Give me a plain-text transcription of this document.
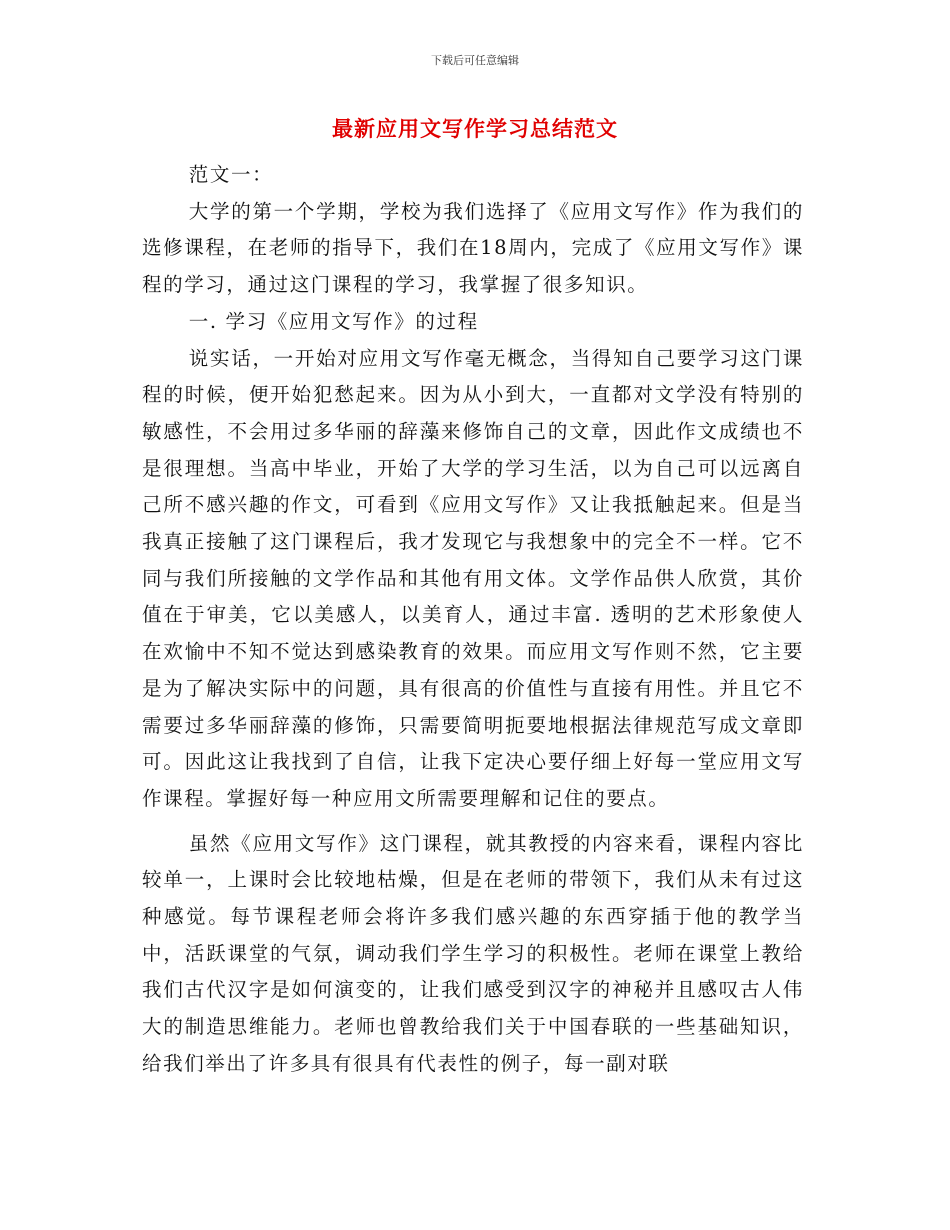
下载后可任意编辑
最新应用文写作学习总结范文

范文一：

大学的第一个学期，学校为我们选择了《应用文写作》作为我们的选修课程，在老师的指导下，我们在18周内，完成了《应用文写作》课程的学习，通过这门课程的学习，我掌握了很多知识。

一. 学习《应用文写作》的过程

说实话，一开始对应用文写作毫无概念，当得知自己要学习这门课程的时候，便开始犯愁起来。因为从小到大，一直都对文学没有特别的敏感性，不会用过多华丽的辞藻来修饰自己的文章，因此作文成绩也不是很理想。当高中毕业，开始了大学的学习生活，以为自己可以远离自己所不感兴趣的作文，可看到《应用文写作》又让我抵触起来。但是当我真正接触了这门课程后，我才发现它与我想象中的完全不一样。它不同与我们所接触的文学作品和其他有用文体。文学作品供人欣赏，其价值在于审美，它以美感人，以美育人，通过丰富. 透明的艺术形象使人在欢愉中不知不觉达到感染教育的效果。而应用文写作则不然，它主要是为了解决实际中的问题，具有很高的价值性与直接有用性。并且它不需要过多华丽辞藻的修饰，只需要简明扼要地根据法律规范写成文章即可。因此这让我找到了自信，让我下定决心要仔细上好每一堂应用文写作课程。掌握好每一种应用文所需要理解和记住的要点。

虽然《应用文写作》这门课程，就其教授的内容来看，课程内容比较单一，上课时会比较地枯燥，但是在老师的带领下，我们从未有过这种感觉。每节课程老师会将许多我们感兴趣的东西穿插于他的教学当中，活跃课堂的气氛，调动我们学生学习的积极性。老师在课堂上教给我们古代汉字是如何演变的，让我们感受到汉字的神秘并且感叹古人伟大的制造思维能力。老师也曾教给我们关于中国春联的一些基础知识，给我们举出了许多具有很具有代表性的例子，每一副对联
